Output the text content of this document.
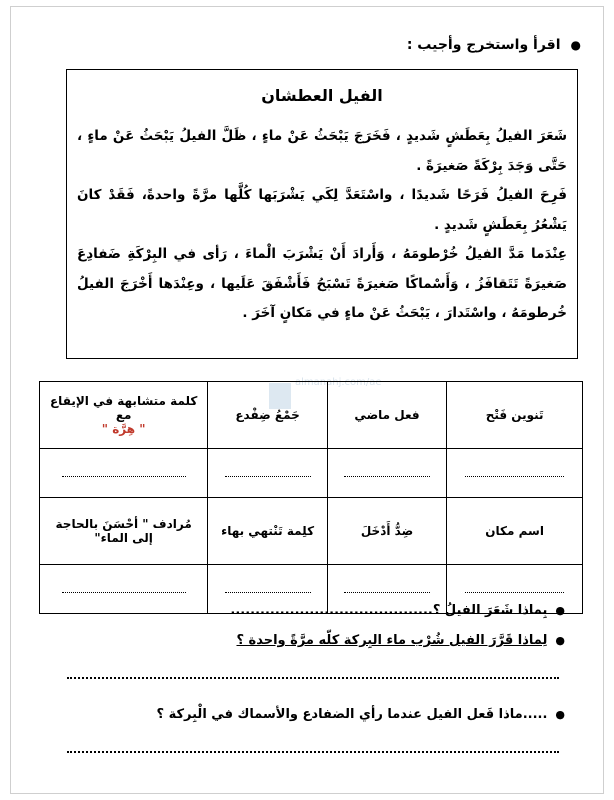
●اقرأ واستخرج وأجيب :
الفيل العطشان
شَعَرَ الفيلُ بِعَطَشٍ شَديدٍ ، فَخَرَجَ يَبْحَثُ عَنْ ماءٍ ، ظَلَّ الفيلُ يَبْحَثُ عَنْ ماءٍ ، حَتَّى وَجَدَ بِرْكَةً صَغيرَةً .
فَرِحَ الفيلُ فَرَحًا شَديدًا ، واسْتَعَدَّ لِكَي يَشْرَبَها كُلَّها مرَّةً واحدةً، فَقَدْ كانَ يَشْعُرُ بِعَطَشٍ شَديدٍ .
عِنْدَما مَدَّ الفيلُ خُرْطومَهُ ، وَأَرادَ أَنْ يَشْرَبَ الْماءَ ، رَأى في البِرْكَةِ ضَفادِعَ صَغيرَةً تَتَقافَزُ ، وَأَسْماكًا صَغيرَةً تَسْبَحُ فَأَشْفَقَ عَلَيها ، وعِنْدَها أَخْرَجَ الفيلُ خُرطومَهُ ، واسْتَدارَ ، يَبْحَثُ عَنْ ماءٍ في مَكانٍ آخَرَ .
almanahj.com/ae
تَنوين فَتْح	فعل ماضي	جَمْعُ ضِفْدع	كلمة متشابهة في الإيقاع مع
" هِرَّة "

اسم مكان	ضِدُّ أَدْخَلَ	كلِمة تَنْتهي بهاء	مُرادف " أحْسَنَ بالحاجة إلى الماء"

●بِماذا شَعَرَ الفيلُ ؟.........................................
●لِماذا قَرَّرَ الفيل شُرْب ماء البِركة كلّه مرَّةً واحدة ؟
●.....ماذا فَعل الفيل عندما رأي الضفادع والأسماك في الْبِركة ؟
